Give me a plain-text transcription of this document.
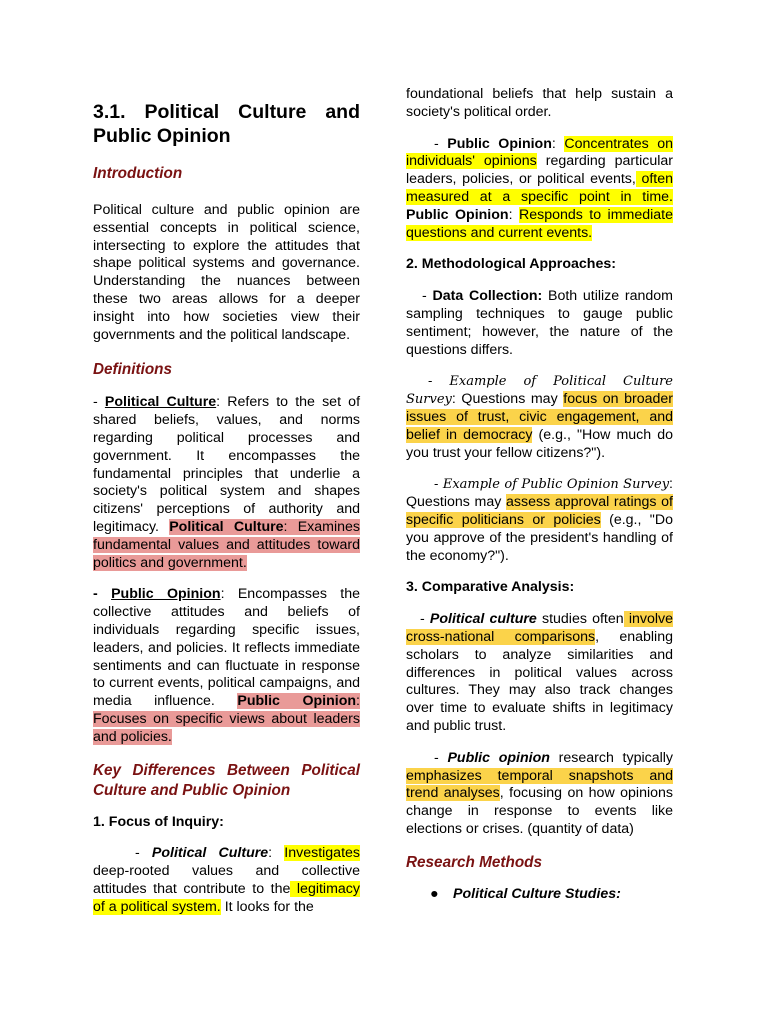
3.1. Political Culture and Public Opinion
Introduction

Political culture and public opinion are essential concepts in political science, intersecting to explore the attitudes that shape political systems and governance. Understanding the nuances between these two areas allows for a deeper insight into how societies view their governments and the political landscape.

Definitions

- Political Culture: Refers to the set of shared beliefs, values, and norms regarding political processes and government. It encompasses the fundamental principles that underlie a society's political system and shapes citizens' perceptions of authority and legitimacy. Political Culture: Examines fundamental values and attitudes toward politics and government.

- Public Opinion: Encompasses the collective attitudes and beliefs of individuals regarding specific issues, leaders, and policies. It reflects immediate sentiments and can fluctuate in response to current events, political campaigns, and media influence. Public Opinion: Focuses on specific views about leaders and policies.

Key Differences Between Political Culture and Public Opinion

1. Focus of Inquiry:

- Political Culture: Investigates deep-rooted values and collective attitudes that contribute to the legitimacy of a political system. It looks for the

foundational beliefs that help sustain a society's political order.

- Public Opinion: Concentrates on individuals' opinions regarding particular leaders, policies, or political events, often measured at a specific point in time. Public Opinion: Responds to immediate questions and current events.

2. Methodological Approaches:

- Data Collection: Both utilize random sampling techniques to gauge public sentiment; however, the nature of the questions differs.

- Example of Political Culture Survey: Questions may focus on broader issues of trust, civic engagement, and belief in democracy (e.g., "How much do you trust your fellow citizens?").

- Example of Public Opinion Survey: Questions may assess approval ratings of specific politicians or policies (e.g., "Do you approve of the president's handling of the economy?").

3. Comparative Analysis:

- Political culture studies often involve cross-national comparisons, enabling scholars to analyze similarities and differences in political values across cultures. They may also track changes over time to evaluate shifts in legitimacy and public trust.

- Public opinion research typically emphasizes temporal snapshots and trend analyses, focusing on how opinions change in response to events like elections or crises. (quantity of data)

Research Methods
●	Political Culture Studies:
